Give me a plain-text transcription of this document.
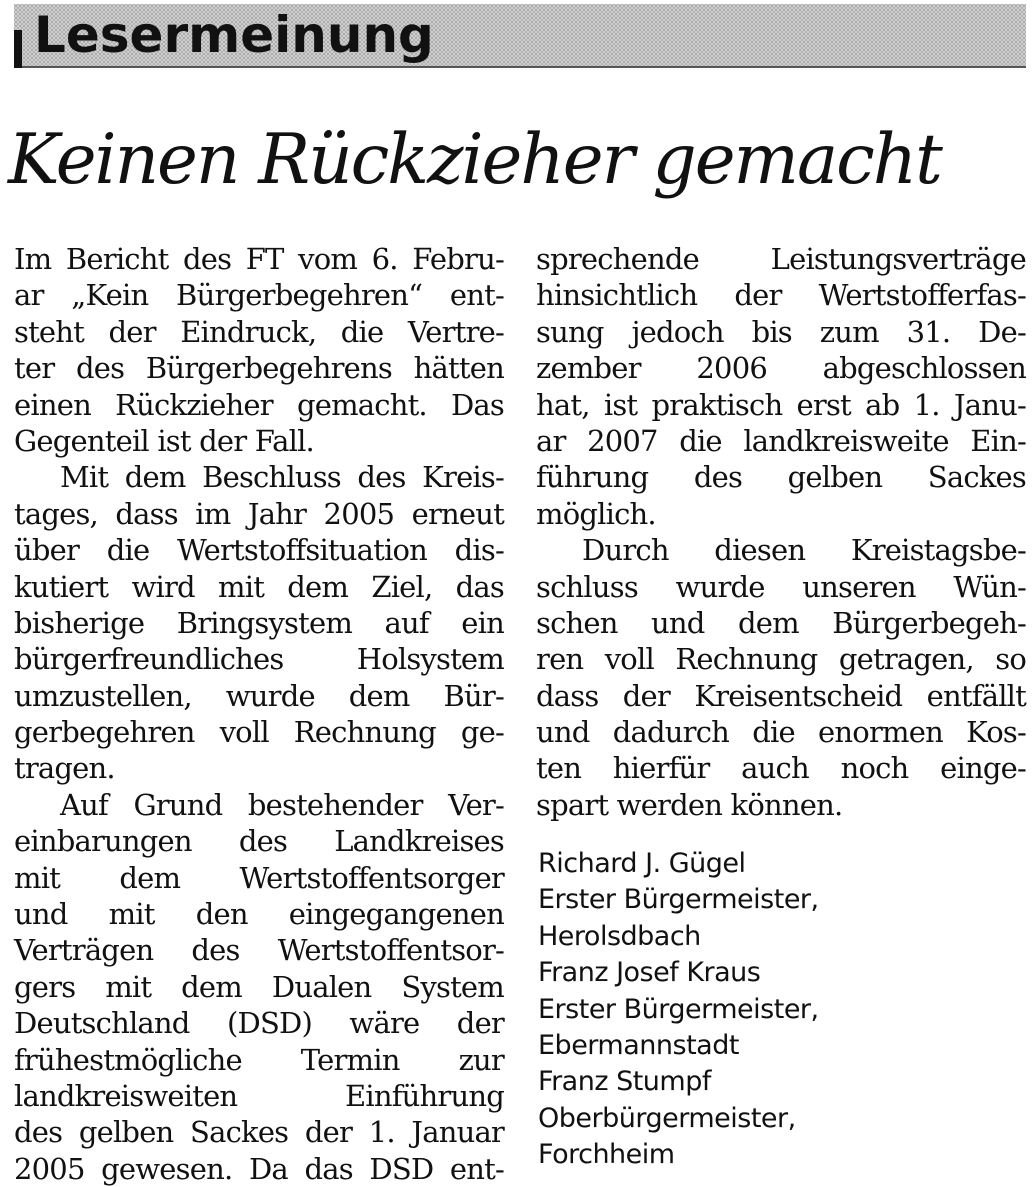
Lesermeinung
Keinen Rückzieher gemacht
Im Bericht des FT vom 6. Febru-
ar „Kein Bürgerbegehren“ ent-
steht der Eindruck, die Vertre-
ter des Bürgerbegehrens hätten
einen Rückzieher gemacht. Das
Gegenteil ist der Fall.
Mit dem Beschluss des Kreis-
tages, dass im Jahr 2005 erneut
über die Wertstoffsituation dis-
kutiert wird mit dem Ziel, das
bisherige Bringsystem auf ein
bürgerfreundliches Holsystem
umzustellen, wurde dem Bür-
gerbegehren voll Rechnung ge-
tragen.
Auf Grund bestehender Ver-
einbarungen des Landkreises
mit dem Wertstoffentsorger
und mit den eingegangenen
Verträgen des Wertstoffentsor-
gers mit dem Dualen System
Deutschland (DSD) wäre der
frühestmögliche Termin zur
landkreisweiten Einführung
des gelben Sackes der 1. Januar
2005 gewesen. Da das DSD ent-
sprechende Leistungsverträge
hinsichtlich der Wertstofferfas-
sung jedoch bis zum 31. De-
zember 2006 abgeschlossen
hat, ist praktisch erst ab 1. Janu-
ar 2007 die landkreisweite Ein-
führung des gelben Sackes
möglich.
Durch diesen Kreistagsbe-
schluss wurde unseren Wün-
schen und dem Bürgerbegeh-
ren voll Rechnung getragen, so
dass der Kreisentscheid entfällt
und dadurch die enormen Kos-
ten hierfür auch noch einge-
spart werden können.
Richard J. Gügel
Erster Bürgermeister,
Herolsdbach
Franz Josef Kraus
Erster Bürgermeister,
Ebermannstadt
Franz Stumpf
Oberbürgermeister,
Forchheim
